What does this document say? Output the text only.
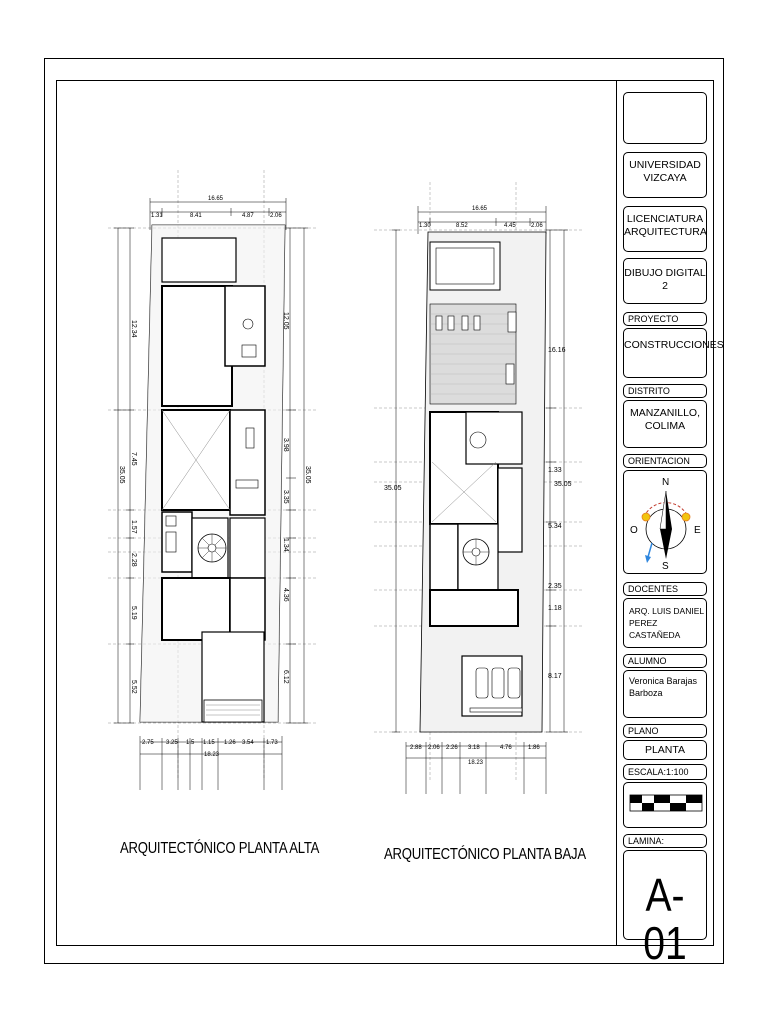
16.65
1.31	8.41	4.87	2.06
12.34
7.45
35.05
1.57
2.28
5.19
5.52
12.05
3.98
35.05
3.35
1.34
4.36
6.12
2.75 3.25 1.5 1.15 1.26 3.54 1.73
18.23
ARQUITECTÓNICO PLANTA ALTA
16.65
1.30	8.52	4.45	2.06
35.05
16.16
1.33
35.05
5.34
2.35
1.18
8.17
2.88 2.06 2.26 3.18	4.76	1.86
18.23
ARQUITECTÓNICO PLANTA BAJA
UNIVERSIDAD
VIZCAYA
LICENCIATURA
ARQUITECTURA
DIBUJO DIGITAL 2
PROYECTO
CONSTRUCCIONES
DISTRITO
MANZANILLO,
COLIMA
ORIENTACION
N
O	E
S
DOCENTES
ARQ. LUIS DANIEL
PEREZ CASTAÑEDA
ALUMNO
Veronica Barajas
Barboza
PLANO
PLANTA
ESCALA: 1:100
LAMINA:
A-01
